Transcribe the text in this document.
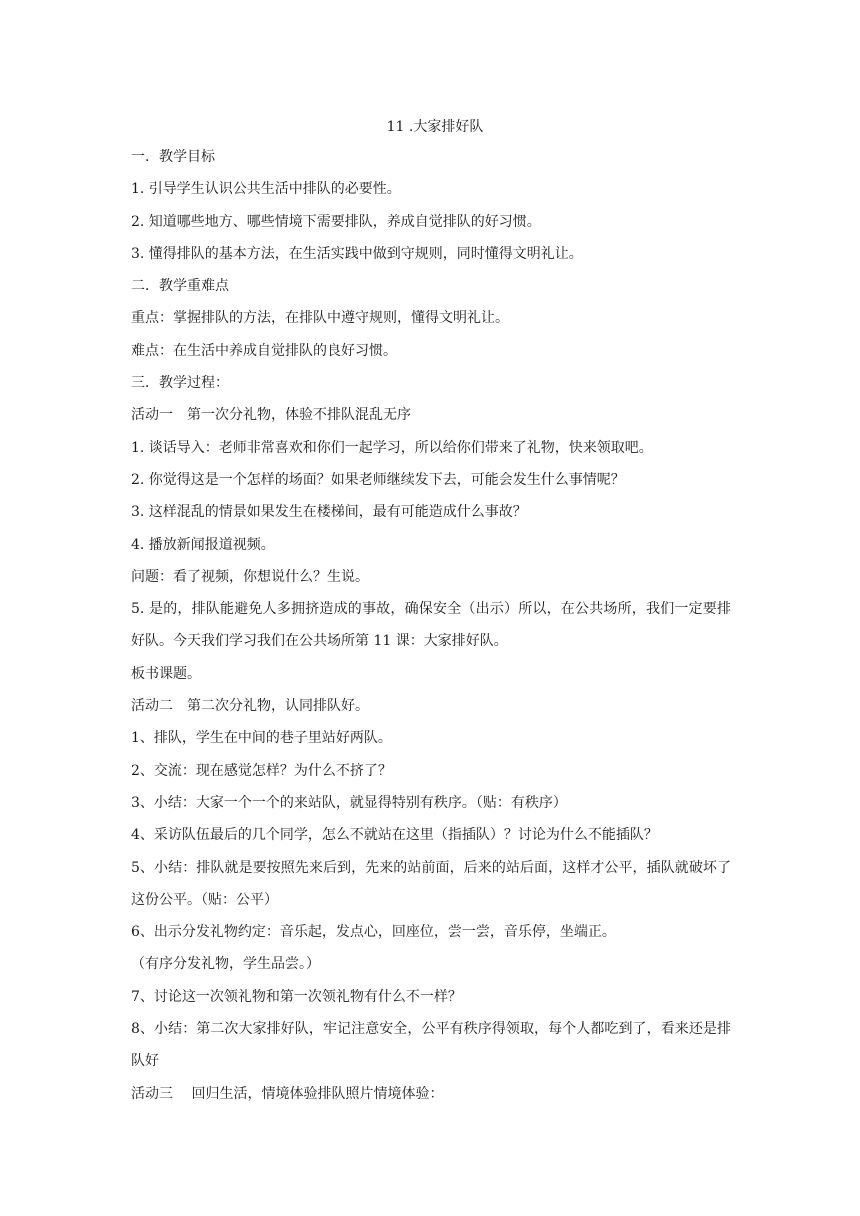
11 .大家排好队

一．教学目标

1. 引导学生认识公共生活中排队的必要性。

2. 知道哪些地方、哪些情境下需要排队，养成自觉排队的好习惯。

3. 懂得排队的基本方法，在生活实践中做到守规则，同时懂得文明礼让。

二．教学重难点

重点：掌握排队的方法，在排队中遵守规则，懂得文明礼让。

难点：在生活中养成自觉排队的良好习惯。

三．教学过程：

活动一　第一次分礼物，体验不排队混乱无序

1. 谈话导入：老师非常喜欢和你们一起学习，所以给你们带来了礼物，快来领取吧。

2. 你觉得这是一个怎样的场面？如果老师继续发下去，可能会发生什么事情呢？

3. 这样混乱的情景如果发生在楼梯间，最有可能造成什么事故？

4. 播放新闻报道视频。

问题：看了视频，你想说什么？生说。

5. 是的，排队能避免人多拥挤造成的事故，确保安全（出示）所以，在公共场所，我们一定要排好队。今天我们学习我们在公共场所第 11 课：大家排好队。

板书课题。

活动二　第二次分礼物，认同排队好。

1、排队，学生在中间的巷子里站好两队。

2、交流：现在感觉怎样？为什么不挤了？

3、小结：大家一个一个的来站队，就显得特别有秩序。（贴：有秩序）

4、采访队伍最后的几个同学，怎么不就站在这里（指插队）？讨论为什么不能插队？

5、小结：排队就是要按照先来后到，先来的站前面，后来的站后面，这样才公平，插队就破坏了这份公平。（贴：公平）

6、出示分发礼物约定：音乐起，发点心，回座位，尝一尝，音乐停，坐端正。

（有序分发礼物，学生品尝。）

7、讨论这一次领礼物和第一次领礼物有什么不一样？

8、小结：第二次大家排好队，牢记注意安全，公平有秩序得领取，每个人都吃到了，看来还是排队好

活动三　 回归生活，情境体验排队照片情境体验：
